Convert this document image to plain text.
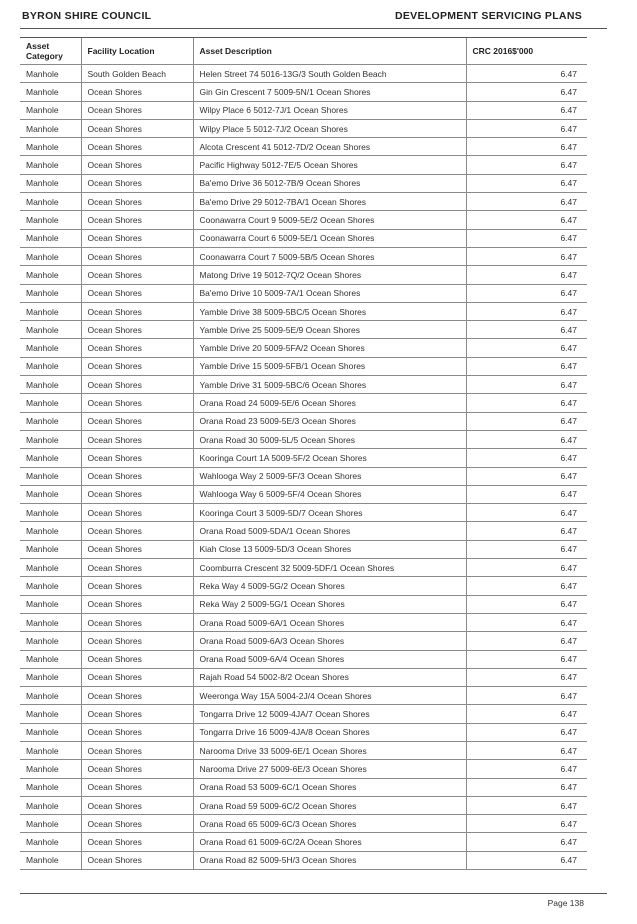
BYRON SHIRE COUNCIL	DEVELOPMENT SERVICING PLANS
Asset Category	Facility Location	Asset Description	CRC 2016$'000
Manhole	South Golden Beach	Helen Street 74 5016-13G/3 South Golden Beach	6.47
Manhole	Ocean Shores	Gin Gin Crescent 7 5009-5N/1 Ocean Shores	6.47
Manhole	Ocean Shores	Wilpy Place 6 5012-7J/1 Ocean Shores	6.47
Manhole	Ocean Shores	Wilpy Place 5 5012-7J/2 Ocean Shores	6.47
Manhole	Ocean Shores	Alcota Crescent 41 5012-7D/2 Ocean Shores	6.47
Manhole	Ocean Shores	Pacific Highway 5012-7E/5 Ocean Shores	6.47
Manhole	Ocean Shores	Ba'emo Drive 36 5012-7B/9 Ocean Shores	6.47
Manhole	Ocean Shores	Ba'emo Drive 29 5012-7BA/1 Ocean Shores	6.47
Manhole	Ocean Shores	Coonawarra Court 9 5009-5E/2 Ocean Shores	6.47
Manhole	Ocean Shores	Coonawarra Court 6 5009-5E/1 Ocean Shores	6.47
Manhole	Ocean Shores	Coonawarra Court 7 5009-5B/5 Ocean Shores	6.47
Manhole	Ocean Shores	Matong Drive 19 5012-7Q/2 Ocean Shores	6.47
Manhole	Ocean Shores	Ba'emo Drive 10 5009-7A/1 Ocean Shores	6.47
Manhole	Ocean Shores	Yamble Drive 38 5009-5BC/5 Ocean Shores	6.47
Manhole	Ocean Shores	Yamble Drive 25 5009-5E/9 Ocean Shores	6.47
Manhole	Ocean Shores	Yamble Drive 20 5009-5FA/2 Ocean Shores	6.47
Manhole	Ocean Shores	Yamble Drive 15 5009-5FB/1 Ocean Shores	6.47
Manhole	Ocean Shores	Yamble Drive 31 5009-5BC/6 Ocean Shores	6.47
Manhole	Ocean Shores	Orana Road 24 5009-5E/6 Ocean Shores	6.47
Manhole	Ocean Shores	Orana Road 23 5009-5E/3 Ocean Shores	6.47
Manhole	Ocean Shores	Orana Road 30 5009-5L/5 Ocean Shores	6.47
Manhole	Ocean Shores	Kooringa Court 1A 5009-5F/2 Ocean Shores	6.47
Manhole	Ocean Shores	Wahlooga Way 2 5009-5F/3 Ocean Shores	6.47
Manhole	Ocean Shores	Wahlooga Way 6 5009-5F/4 Ocean Shores	6.47
Manhole	Ocean Shores	Kooringa Court 3 5009-5D/7 Ocean Shores	6.47
Manhole	Ocean Shores	Orana Road 5009-5DA/1 Ocean Shores	6.47
Manhole	Ocean Shores	Kiah Close 13 5009-5D/3 Ocean Shores	6.47
Manhole	Ocean Shores	Coomburra Crescent 32 5009-5DF/1 Ocean Shores	6.47
Manhole	Ocean Shores	Reka Way 4 5009-5G/2 Ocean Shores	6.47
Manhole	Ocean Shores	Reka Way 2 5009-5G/1 Ocean Shores	6.47
Manhole	Ocean Shores	Orana Road 5009-6A/1 Ocean Shores	6.47
Manhole	Ocean Shores	Orana Road 5009-6A/3 Ocean Shores	6.47
Manhole	Ocean Shores	Orana Road 5009-6A/4 Ocean Shores	6.47
Manhole	Ocean Shores	Rajah Road 54 5002-8/2 Ocean Shores	6.47
Manhole	Ocean Shores	Weeronga Way 15A 5004-2J/4 Ocean Shores	6.47
Manhole	Ocean Shores	Tongarra Drive 12 5009-4JA/7 Ocean Shores	6.47
Manhole	Ocean Shores	Tongarra Drive 16 5009-4JA/8 Ocean Shores	6.47
Manhole	Ocean Shores	Narooma Drive 33 5009-6E/1 Ocean Shores	6.47
Manhole	Ocean Shores	Narooma Drive 27 5009-6E/3 Ocean Shores	6.47
Manhole	Ocean Shores	Orana Road 53 5009-6C/1 Ocean Shores	6.47
Manhole	Ocean Shores	Orana Road 59 5009-6C/2 Ocean Shores	6.47
Manhole	Ocean Shores	Orana Road 65 5009-6C/3 Ocean Shores	6.47
Manhole	Ocean Shores	Orana Road 61 5009-6C/2A Ocean Shores	6.47
Manhole	Ocean Shores	Orana Road 82 5009-5H/3 Ocean Shores	6.47
Page 138
